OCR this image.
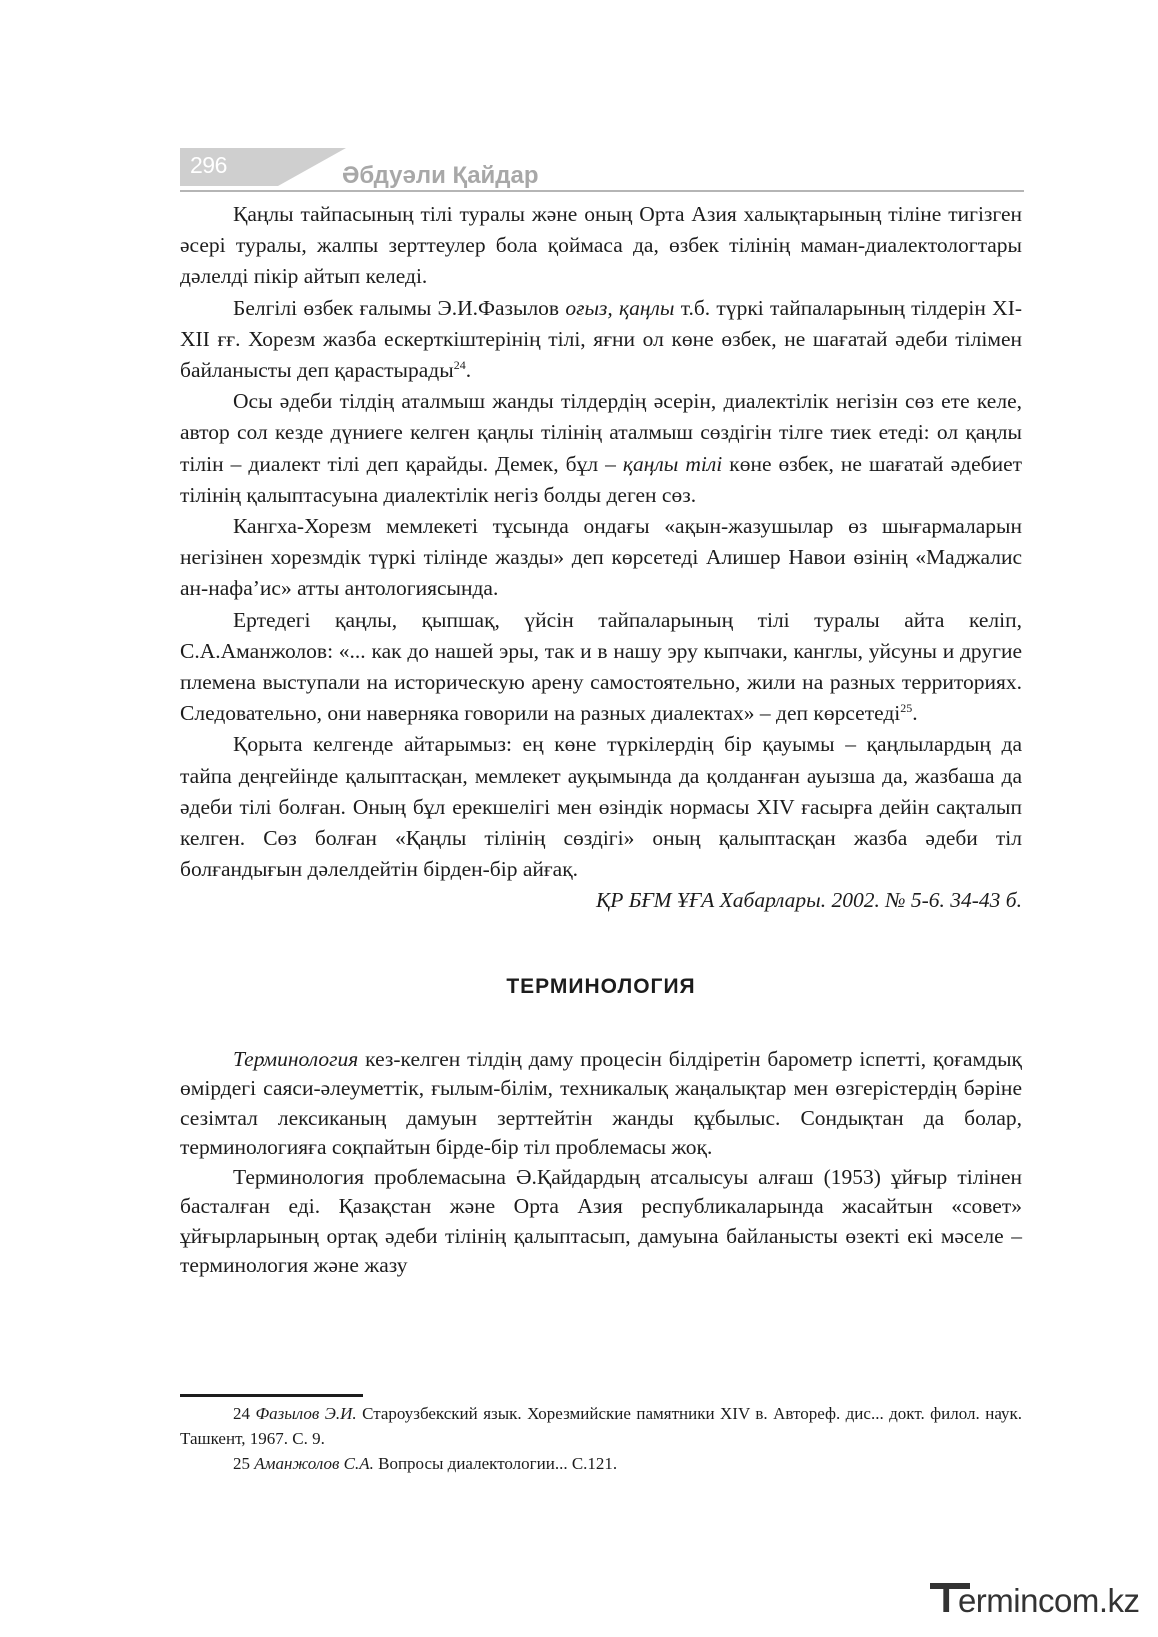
296	Әбдуәли Қайдар

Қаңлы тайпасының тілі туралы және оның Орта Азия халықтарының тіліне тигізген әсері туралы, жалпы зерттеулер бола қоймаса да, өзбек тілінің маман-диалектологтары дәлелді пікір айтып келеді.

Белгілі өзбек ғалымы Э.И.Фазылов оғыз, қаңлы т.б. түркі тайпаларының тілдерін XI-XII ғғ. Хорезм жазба ескерткіштерінің тілі, яғни ол көне өзбек, не шағатай әдеби тілімен байланысты деп қарастырады$^{24}$.

Осы әдеби тілдің аталмыш жанды тілдердің әсерін, диалектілік негізін сөз ете келе, автор сол кезде дүниеге келген қаңлы тілінің аталмыш сөздігін тілге тиек етеді: ол қаңлы тілін – диалект тілі деп қарайды. Демек, бұл – қаңлы тілі көне өзбек, не шағатай әдебиет тілінің қалыптасуына диалектілік негіз болды деген сөз.

Кангха-Хорезм мемлекеті тұсында ондағы «ақын-жазушылар өз шығармаларын негізінен хорезмдік түркі тілінде жазды» деп көрсетеді Алишер Навои өзінің «Маджалис ан-нафа’ис» атты антологиясында.

Ертедегі қаңлы, қыпшақ, үйсін тайпаларының тілі туралы айта келіп, С.А.Аманжолов: «... как до нашей эры, так и в нашу эру кыпчаки, канглы, уйсуны и другие племена выступали на историческую арену самостоятельно, жили на разных территориях. Следовательно, они наверняка говорили на разных диалектах» – деп көрсетеді$^{25}$.

Қорыта келгенде айтарымыз: ең көне түркілердің бір қауымы – қаңлылардың да тайпа деңгейінде қалыптасқан, мемлекет ауқымында да қолданған ауызша да, жазбаша да әдеби тілі болған. Оның бұл ерекшелігі мен өзіндік нормасы XIV ғасырға дейін сақталып келген. Сөз болған «Қаңлы тілінің сөздігі» оның қалыптасқан жазба әдеби тіл болғандығын дәлелдейтін бірден-бір айғақ.

ҚР БҒМ ҰҒА Хабарлары. 2002. № 5-6. 34-43 б.

ТЕРМИНОЛОГИЯ

Терминология кез-келген тілдің даму процесін білдіретін барометр іспетті, қоғамдық өмірдегі саяси-әлеуметтік, ғылым-білім, техникалық жаңалықтар мен өзгерістердің бәріне сезімтал лексиканың дамуын зерттейтін жанды құбылыс. Сондықтан да болар, терминологияға соқпайтын бірде-бір тіл проблемасы жоқ.

Терминология проблемасына Ә.Қайдардың атсалысуы алғаш (1953) ұйғыр тілінен басталған еді. Қазақстан және Орта Азия республикаларында жасайтын «совет» ұйғырларының ортақ әдеби тілінің қалыптасып, дамуына байланысты өзекті екі мәселе – терминология және жазу

24 Фазылов Э.И. Староузбекский язык. Хорезмийские памятники XIV в. Автореф. дис... докт. филол. наук. Ташкент, 1967. С. 9.

25 Аманжолов С.А. Вопросы диалектологии... С.121.

Termincom.kz
